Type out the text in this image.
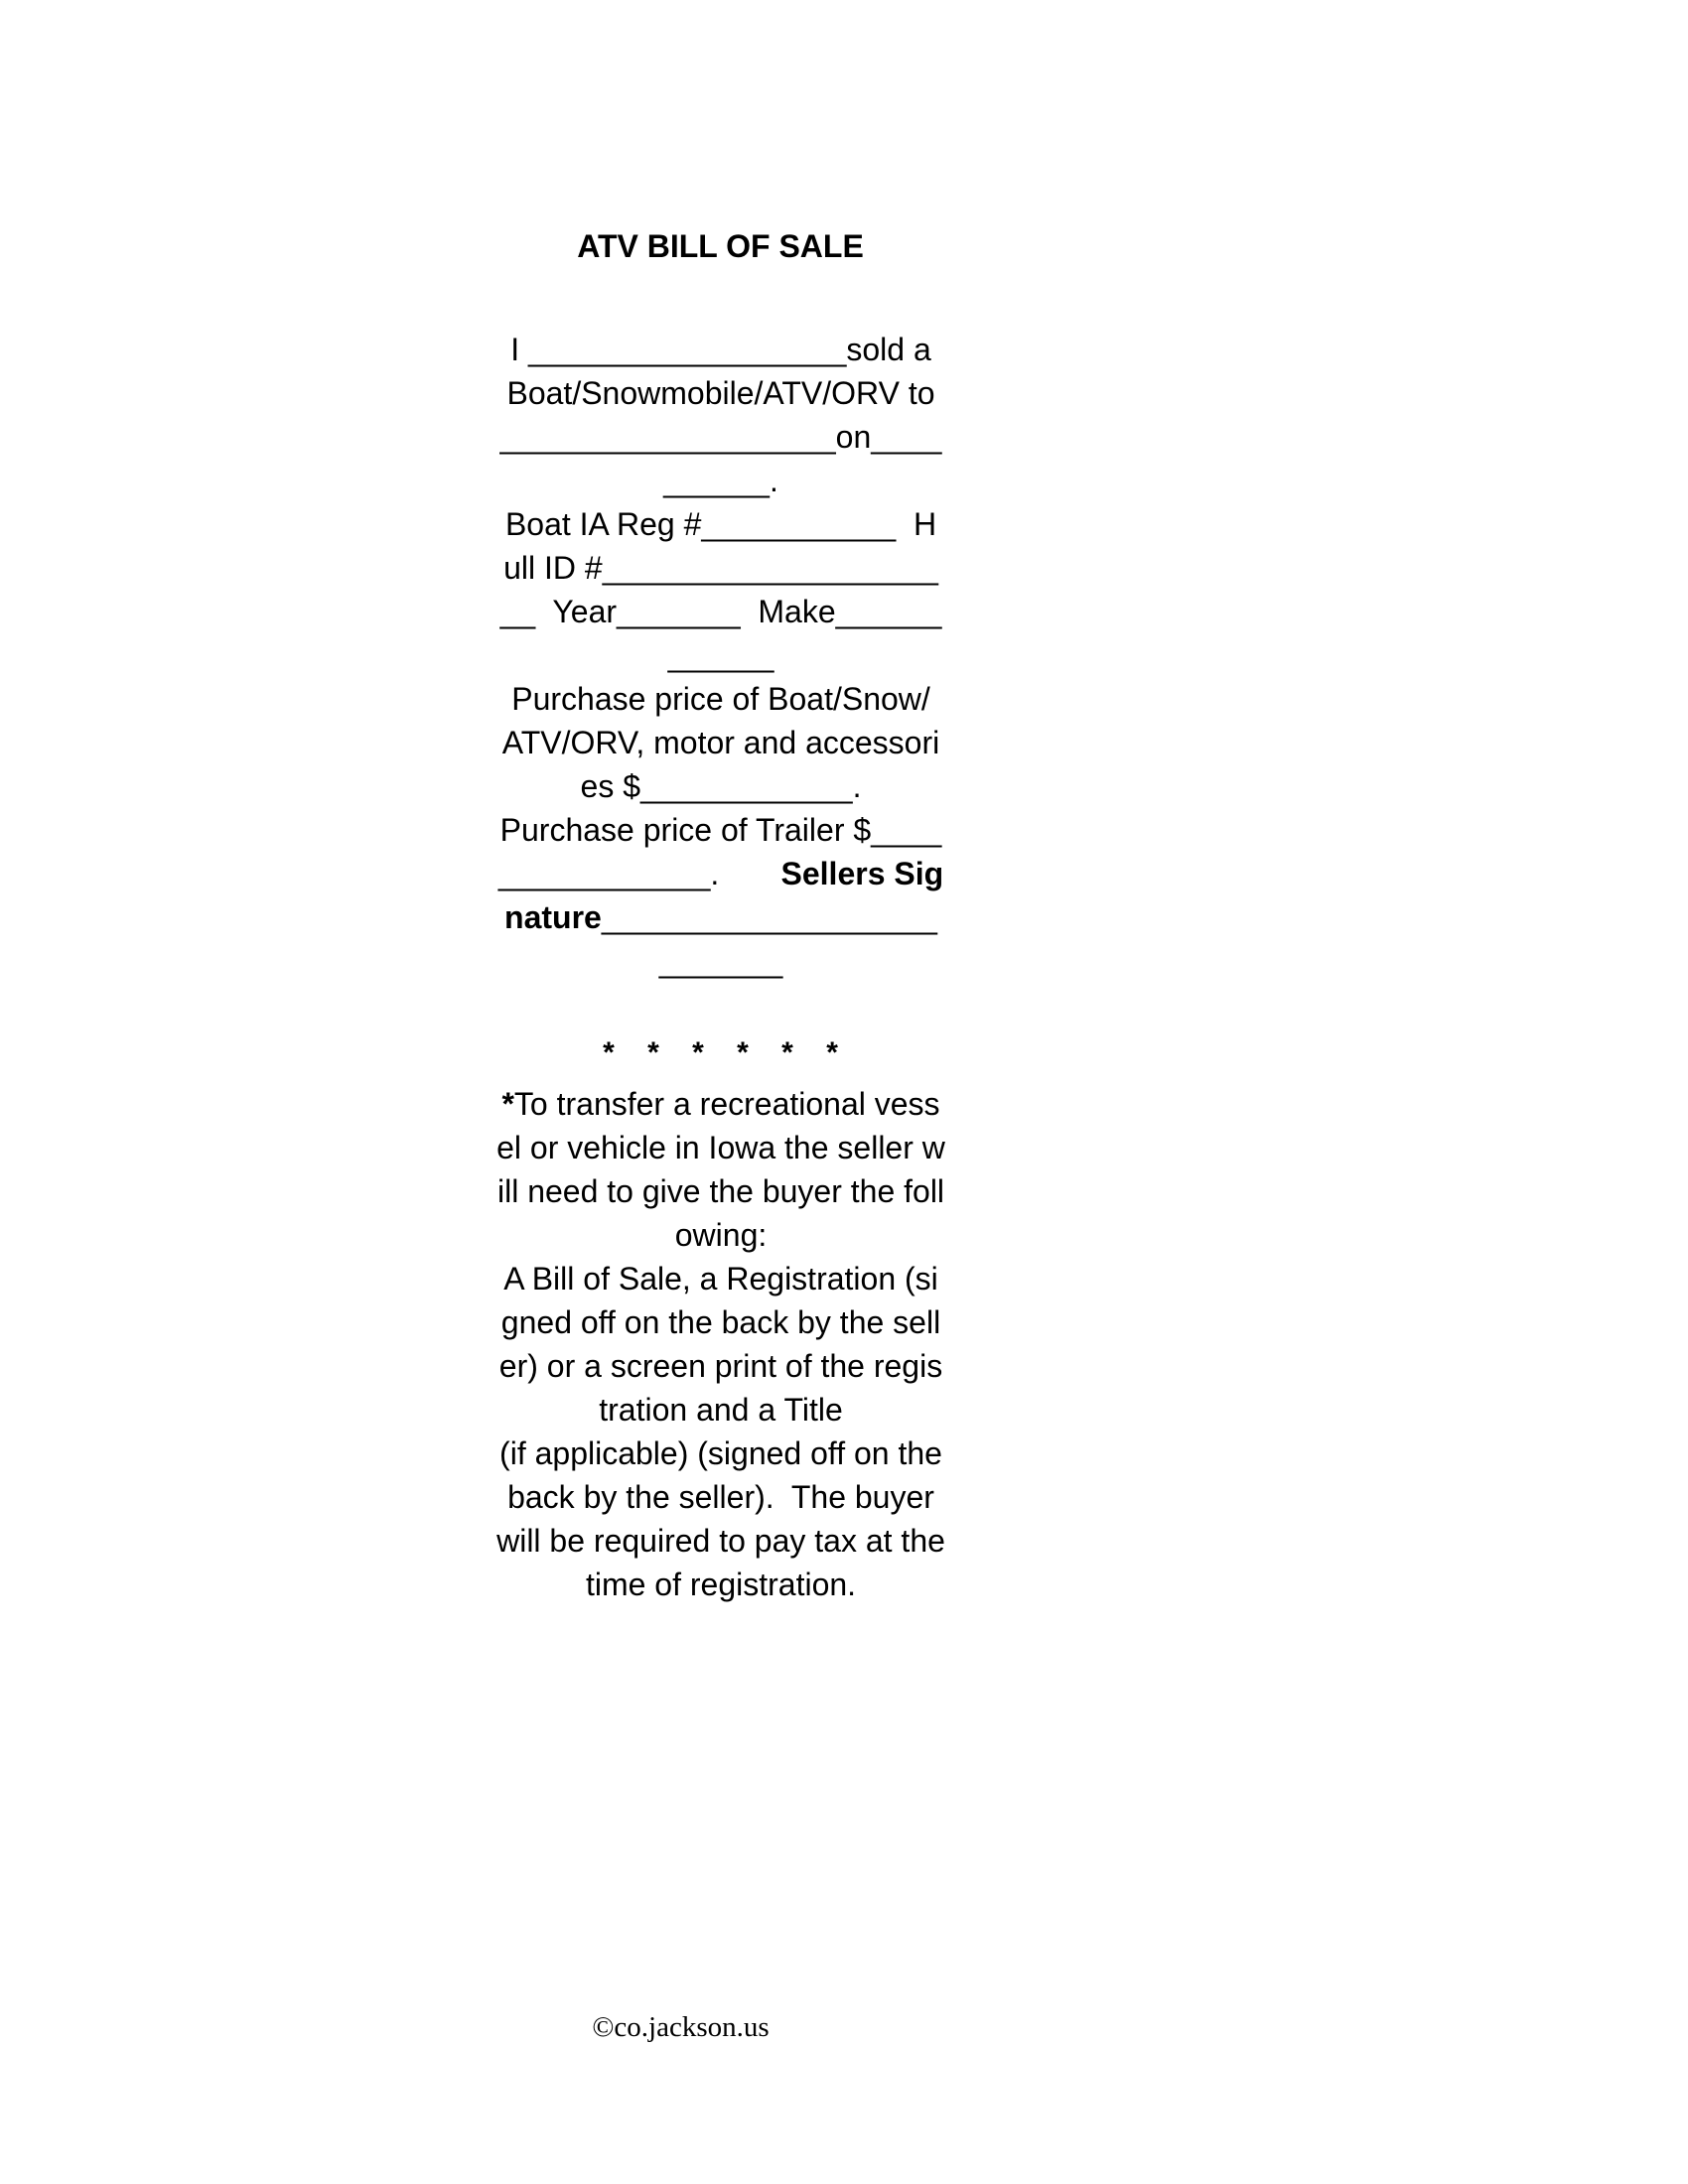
ATV BILL OF SALE
I __________________sold a
Boat/Snowmobile/ATV/ORV to
___________________on____
______.
Boat IA Reg #___________  H
ull ID #___________________
__  Year_______  Make______
______
Purchase price of Boat/Snow/
ATV/ORV, motor and accessori
es $____________.
Purchase price of Trailer $____
____________. Sellers Sig
nature___________________
_______
*    *    *    *    *    *
*To transfer a recreational vess
el or vehicle in Iowa the seller w
ill need to give the buyer the foll
owing:
A Bill of Sale, a Registration (si
gned off on the back by the sell
er) or a screen print of the regis
tration and a Title
(if applicable) (signed off on the
back by the seller).  The buyer
will be required to pay tax at the
time of registration.
©co.jackson.us
